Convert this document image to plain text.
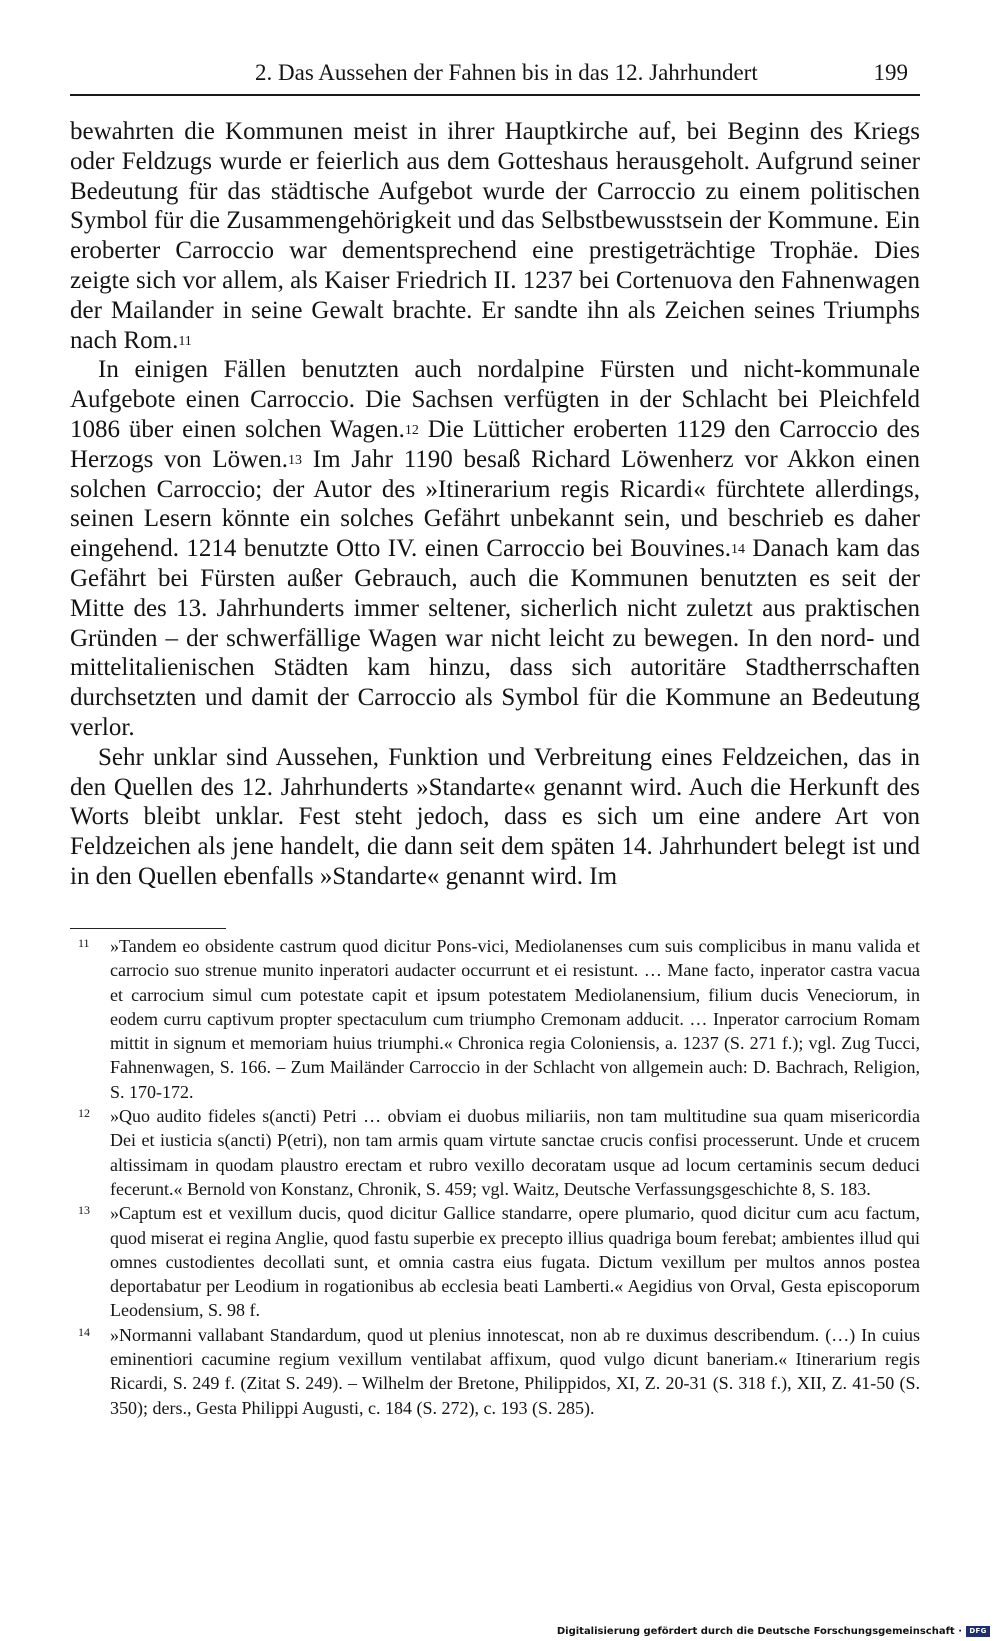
2. Das Aussehen der Fahnen bis in das 12. Jahrhundert	199

bewahrten die Kommunen meist in ihrer Hauptkirche auf, bei Beginn des Kriegs oder Feldzugs wurde er feierlich aus dem Gotteshaus herausgeholt. Aufgrund seiner Bedeutung für das städtische Aufgebot wurde der Carroccio zu einem politischen Symbol für die Zusammengehörigkeit und das Selbstbewusstsein der Kommune. Ein eroberter Carroccio war dementsprechend eine prestigeträchtige Trophäe. Dies zeigte sich vor allem, als Kaiser Friedrich II. 1237 bei Cortenuova den Fahnenwagen der Mailander in seine Gewalt brachte. Er sandte ihn als Zeichen seines Triumphs nach Rom.$^{11}$

In einigen Fällen benutzten auch nordalpine Fürsten und nicht-kommunale Aufgebote einen Carroccio. Die Sachsen verfügten in der Schlacht bei Pleichfeld 1086 über einen solchen Wagen.$^{12}$ Die Lütticher eroberten 1129 den Carroccio des Herzogs von Löwen.$^{13}$ Im Jahr 1190 besaß Richard Löwenherz vor Akkon einen solchen Carroccio; der Autor des »Itinerarium regis Ricardi« fürchtete allerdings, seinen Lesern könnte ein solches Gefährt unbekannt sein, und beschrieb es daher eingehend. 1214 benutzte Otto IV. einen Carroccio bei Bouvines.$^{14}$ Danach kam das Gefährt bei Fürsten außer Gebrauch, auch die Kommunen benutzten es seit der Mitte des 13. Jahrhunderts immer seltener, sicherlich nicht zuletzt aus praktischen Gründen – der schwerfällige Wagen war nicht leicht zu bewegen. In den nord- und mittelitalienischen Städten kam hinzu, dass sich autoritäre Stadtherrschaften durchsetzten und damit der Carroccio als Symbol für die Kommune an Bedeutung verlor.

Sehr unklar sind Aussehen, Funktion und Verbreitung eines Feldzeichen, das in den Quellen des 12. Jahrhunderts »Standarte« genannt wird. Auch die Herkunft des Worts bleibt unklar. Fest steht jedoch, dass es sich um eine andere Art von Feldzeichen als jene handelt, die dann seit dem späten 14. Jahrhundert belegt ist und in den Quellen ebenfalls »Standarte« genannt wird. Im

11 »Tandem eo obsidente castrum quod dicitur Pons-vici, Mediolanenses cum suis complicibus in manu valida et carrocio suo strenue munito inperatori audacter occurrunt et ei resistunt. … Mane facto, inperator castra vacua et carrocium simul cum potestate capit et ipsum potestatem Mediolanensium, filium ducis Veneciorum, in eodem curru captivum propter spectaculum cum triumpho Cremonam adducit. … Inperator carrocium Romam mittit in signum et memoriam huius triumphi.« Chronica regia Coloniensis, a. 1237 (S. 271 f.); vgl. Zug Tucci, Fahnenwagen, S. 166. – Zum Mailänder Carroccio in der Schlacht von allgemein auch: D. Bachrach, Religion, S. 170-172.

12 »Quo audito fideles s(ancti) Petri … obviam ei duobus miliariis, non tam multitudine sua quam misericordia Dei et iusticia s(ancti) P(etri), non tam armis quam virtute sanctae crucis confisi processerunt. Unde et crucem altissimam in quodam plaustro erectam et rubro vexillo decoratam usque ad locum certaminis secum deduci fecerunt.« Bernold von Konstanz, Chronik, S. 459; vgl. Waitz, Deutsche Verfassungsgeschichte 8, S. 183.

13 »Captum est et vexillum ducis, quod dicitur Gallice standarre, opere plumario, quod dicitur cum acu factum, quod miserat ei regina Anglie, quod fastu superbie ex precepto illius quadriga boum ferebat; ambientes illud qui omnes custodientes decollati sunt, et omnia castra eius fugata. Dictum vexillum per multos annos postea deportabatur per Leodium in rogationibus ab ecclesia beati Lamberti.« Aegidius von Orval, Gesta episcoporum Leodensium, S. 98 f.

14 »Normanni vallabant Standardum, quod ut plenius innotescat, non ab re duximus describendum. (…) In cuius eminentiori cacumine regium vexillum ventilabat affixum, quod vulgo dicunt baneriam.« Itinerarium regis Ricardi, S. 249 f. (Zitat S. 249). – Wilhelm der Bretone, Philippidos, XI, Z. 20-31 (S. 318 f.), XII, Z. 41-50 (S. 350); ders., Gesta Philippi Augusti, c. 184 (S. 272), c. 193 (S. 285).

Digitalisierung gefördert durch die Deutsche Forschungsgemeinschaft ·	DFG
